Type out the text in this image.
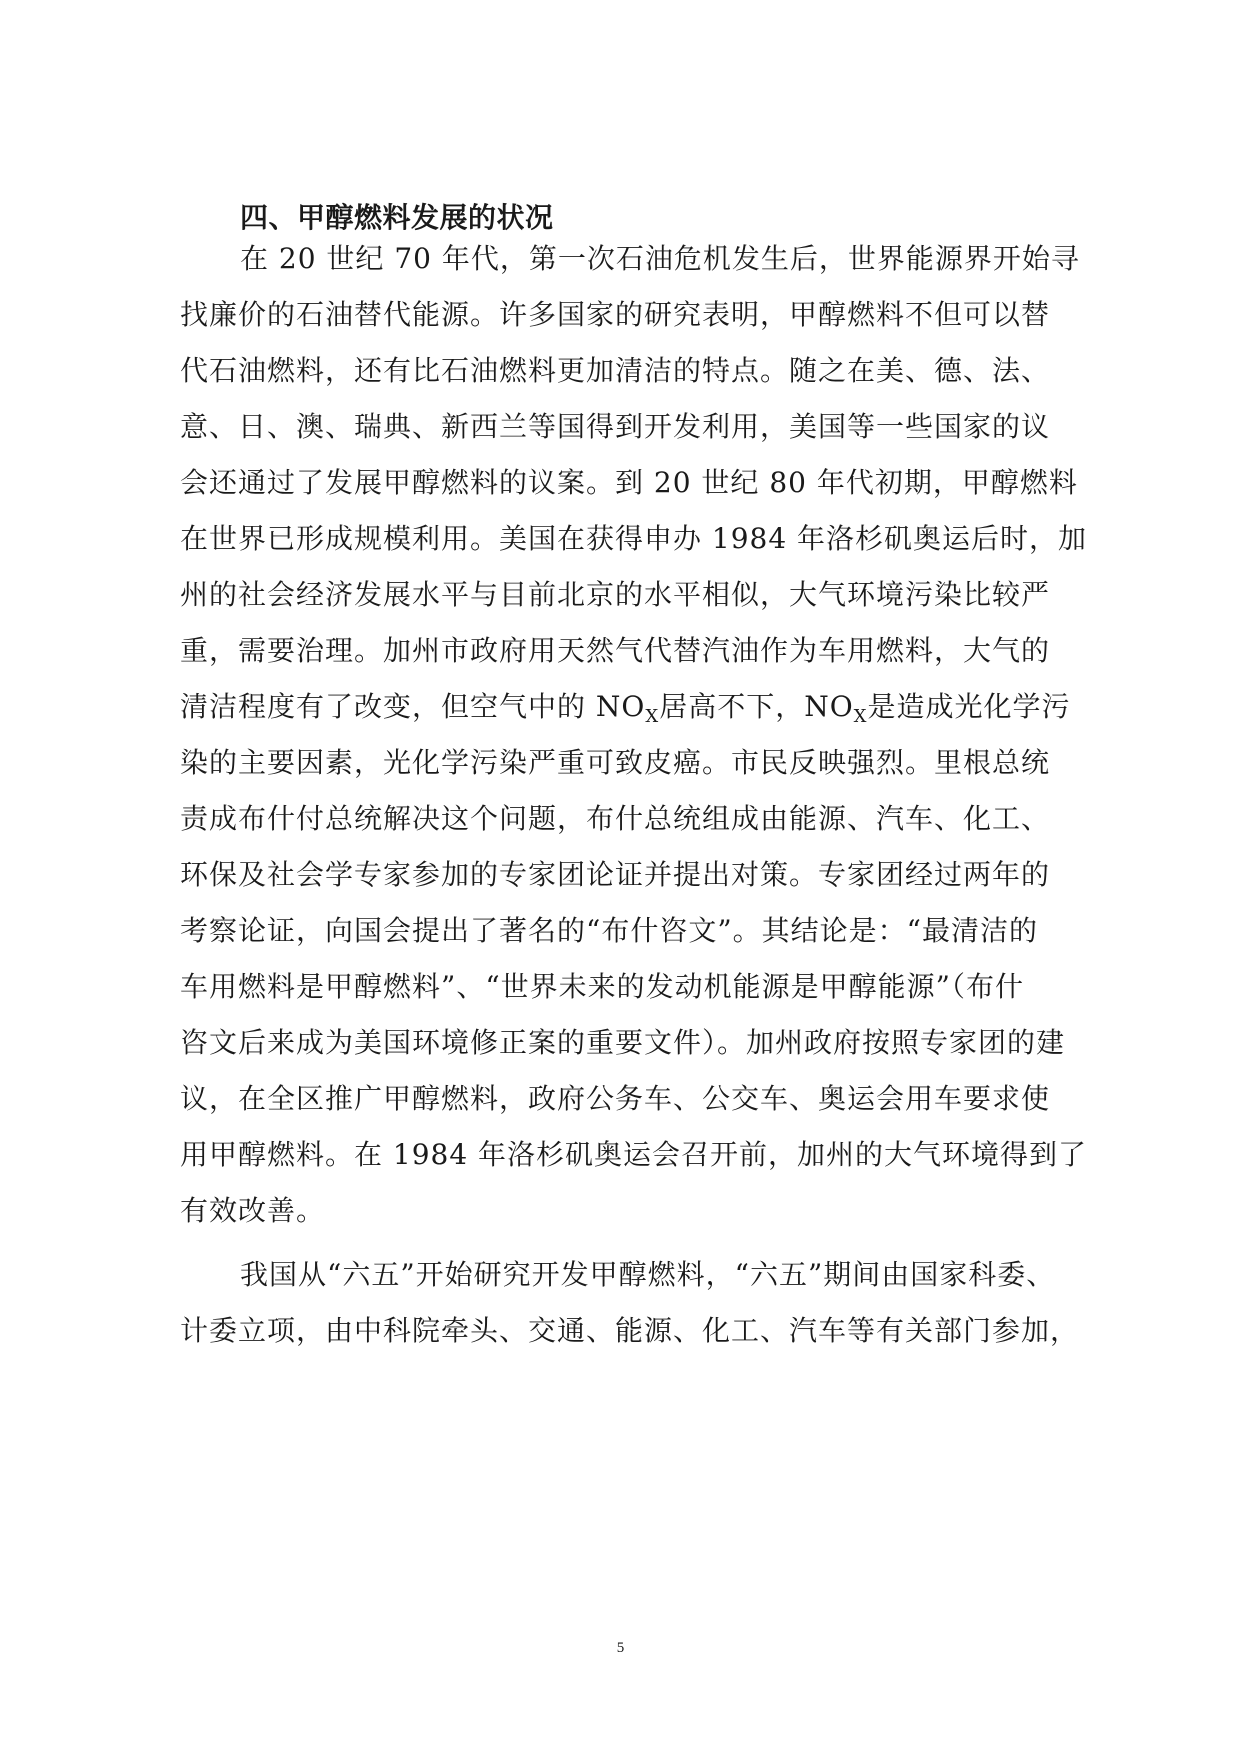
四、甲醇燃料发展的状况
在 20 世纪 70 年代，第一次石油危机发生后，世界能源界开始寻
找廉价的石油替代能源。许多国家的研究表明，甲醇燃料不但可以替
代石油燃料，还有比石油燃料更加清洁的特点。随之在美、德、法、
意、日、澳、瑞典、新西兰等国得到开发利用，美国等一些国家的议
会还通过了发展甲醇燃料的议案。到 20 世纪 80 年代初期，甲醇燃料
在世界已形成规模利用。美国在获得申办 1984 年洛杉矶奥运后时，加
州的社会经济发展水平与目前北京的水平相似，大气环境污染比较严
重，需要治理。加州市政府用天然气代替汽油作为车用燃料，大气的
清洁程度有了改变，但空气中的 $NO_X$居高不下，$NO_X$是造成光化学污
染的主要因素，光化学污染严重可致皮癌。市民反映强烈。里根总统
责成布什付总统解决这个问题，布什总统组成由能源、汽车、化工、
环保及社会学专家参加的专家团论证并提出对策。专家团经过两年的
考察论证，向国会提出了著名的“布什咨文”。其结论是：“最清洁的
车用燃料是甲醇燃料”、“世界未来的发动机能源是甲醇能源”（布什
咨文后来成为美国环境修正案的重要文件）。加州政府按照专家团的建
议，在全区推广甲醇燃料，政府公务车、公交车、奥运会用车要求使
用甲醇燃料。在 1984 年洛杉矶奥运会召开前，加州的大气环境得到了
有效改善。
我国从“六五”开始研究开发甲醇燃料，“六五”期间由国家科委、
计委立项，由中科院牵头、交通、能源、化工、汽车等有关部门参加，
5
